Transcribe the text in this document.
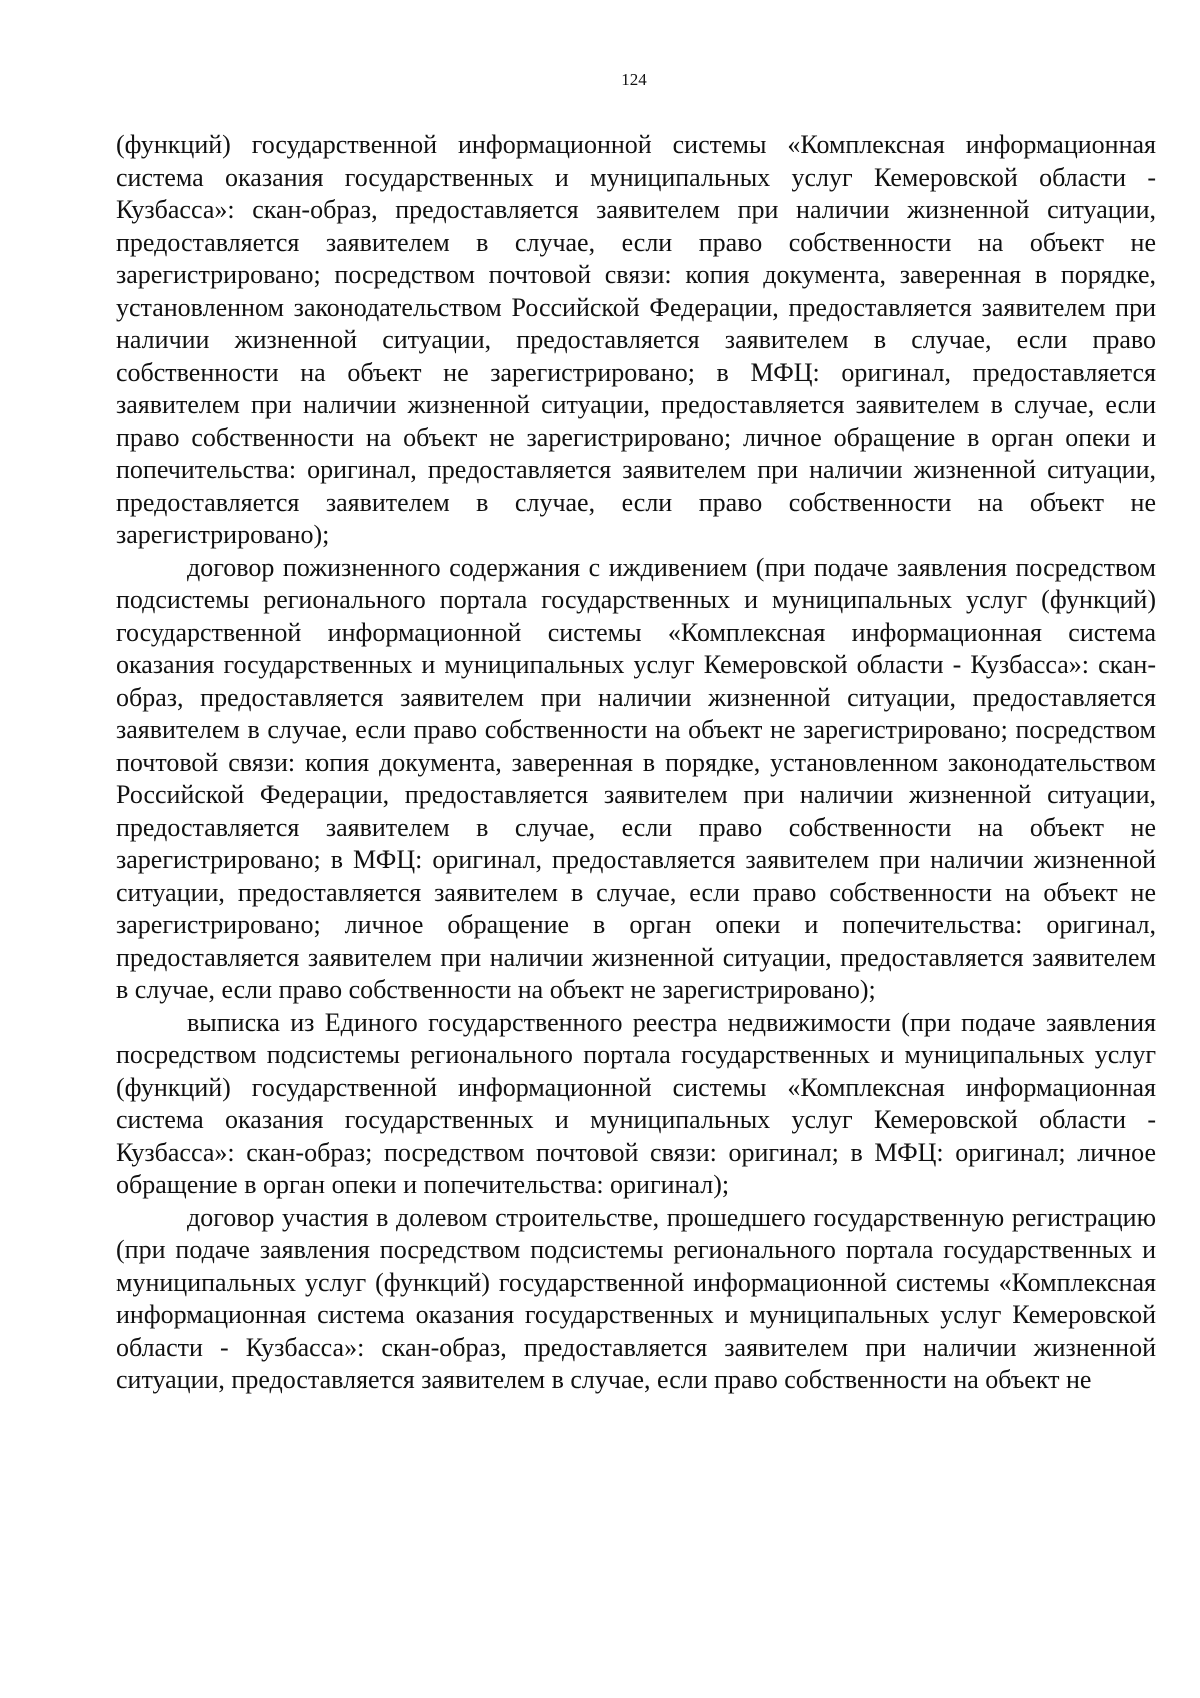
124

(функций) государственной информационной системы «Комплексная информационная система оказания государственных и муниципальных услуг Кемеровской области - Кузбасса»: скан-образ, предоставляется заявителем при наличии жизненной ситуации, предоставляется заявителем в случае, если право собственности на объект не зарегистрировано; посредством почтовой связи: копия документа, заверенная в порядке, установленном законодательством Российской Федерации, предоставляется заявителем при наличии жизненной ситуации, предоставляется заявителем в случае, если право собственности на объект не зарегистрировано; в МФЦ: оригинал, предоставляется заявителем при наличии жизненной ситуации, предоставляется заявителем в случае, если право собственности на объект не зарегистрировано; личное обращение в орган опеки и попечительства: оригинал, предоставляется заявителем при наличии жизненной ситуации, предоставляется заявителем в случае, если право собственности на объект не зарегистрировано);

договор пожизненного содержания с иждивением (при подаче заявления посредством подсистемы регионального портала государственных и муниципальных услуг (функций) государственной информационной системы «Комплексная информационная система оказания государственных и муниципальных услуг Кемеровской области - Кузбасса»: скан-образ, предоставляется заявителем при наличии жизненной ситуации, предоставляется заявителем в случае, если право собственности на объект не зарегистрировано; посредством почтовой связи: копия документа, заверенная в порядке, установленном законодательством Российской Федерации, предоставляется заявителем при наличии жизненной ситуации, предоставляется заявителем в случае, если право собственности на объект не зарегистрировано; в МФЦ: оригинал, предоставляется заявителем при наличии жизненной ситуации, предоставляется заявителем в случае, если право собственности на объект не зарегистрировано; личное обращение в орган опеки и попечительства: оригинал, предоставляется заявителем при наличии жизненной ситуации, предоставляется заявителем в случае, если право собственности на объект не зарегистрировано);

выписка из Единого государственного реестра недвижимости (при подаче заявления посредством подсистемы регионального портала государственных и муниципальных услуг (функций) государственной информационной системы «Комплексная информационная система оказания государственных и муниципальных услуг Кемеровской области - Кузбасса»: скан-образ; посредством почтовой связи: оригинал; в МФЦ: оригинал; личное обращение в орган опеки и попечительства: оригинал);

договор участия в долевом строительстве, прошедшего государственную регистрацию (при подаче заявления посредством подсистемы регионального портала государственных и муниципальных услуг (функций) государственной информационной системы «Комплексная информационная система оказания государственных и муниципальных услуг Кемеровской области - Кузбасса»: скан-образ, предоставляется заявителем при наличии жизненной ситуации, предоставляется заявителем в случае, если право собственности на объект не
